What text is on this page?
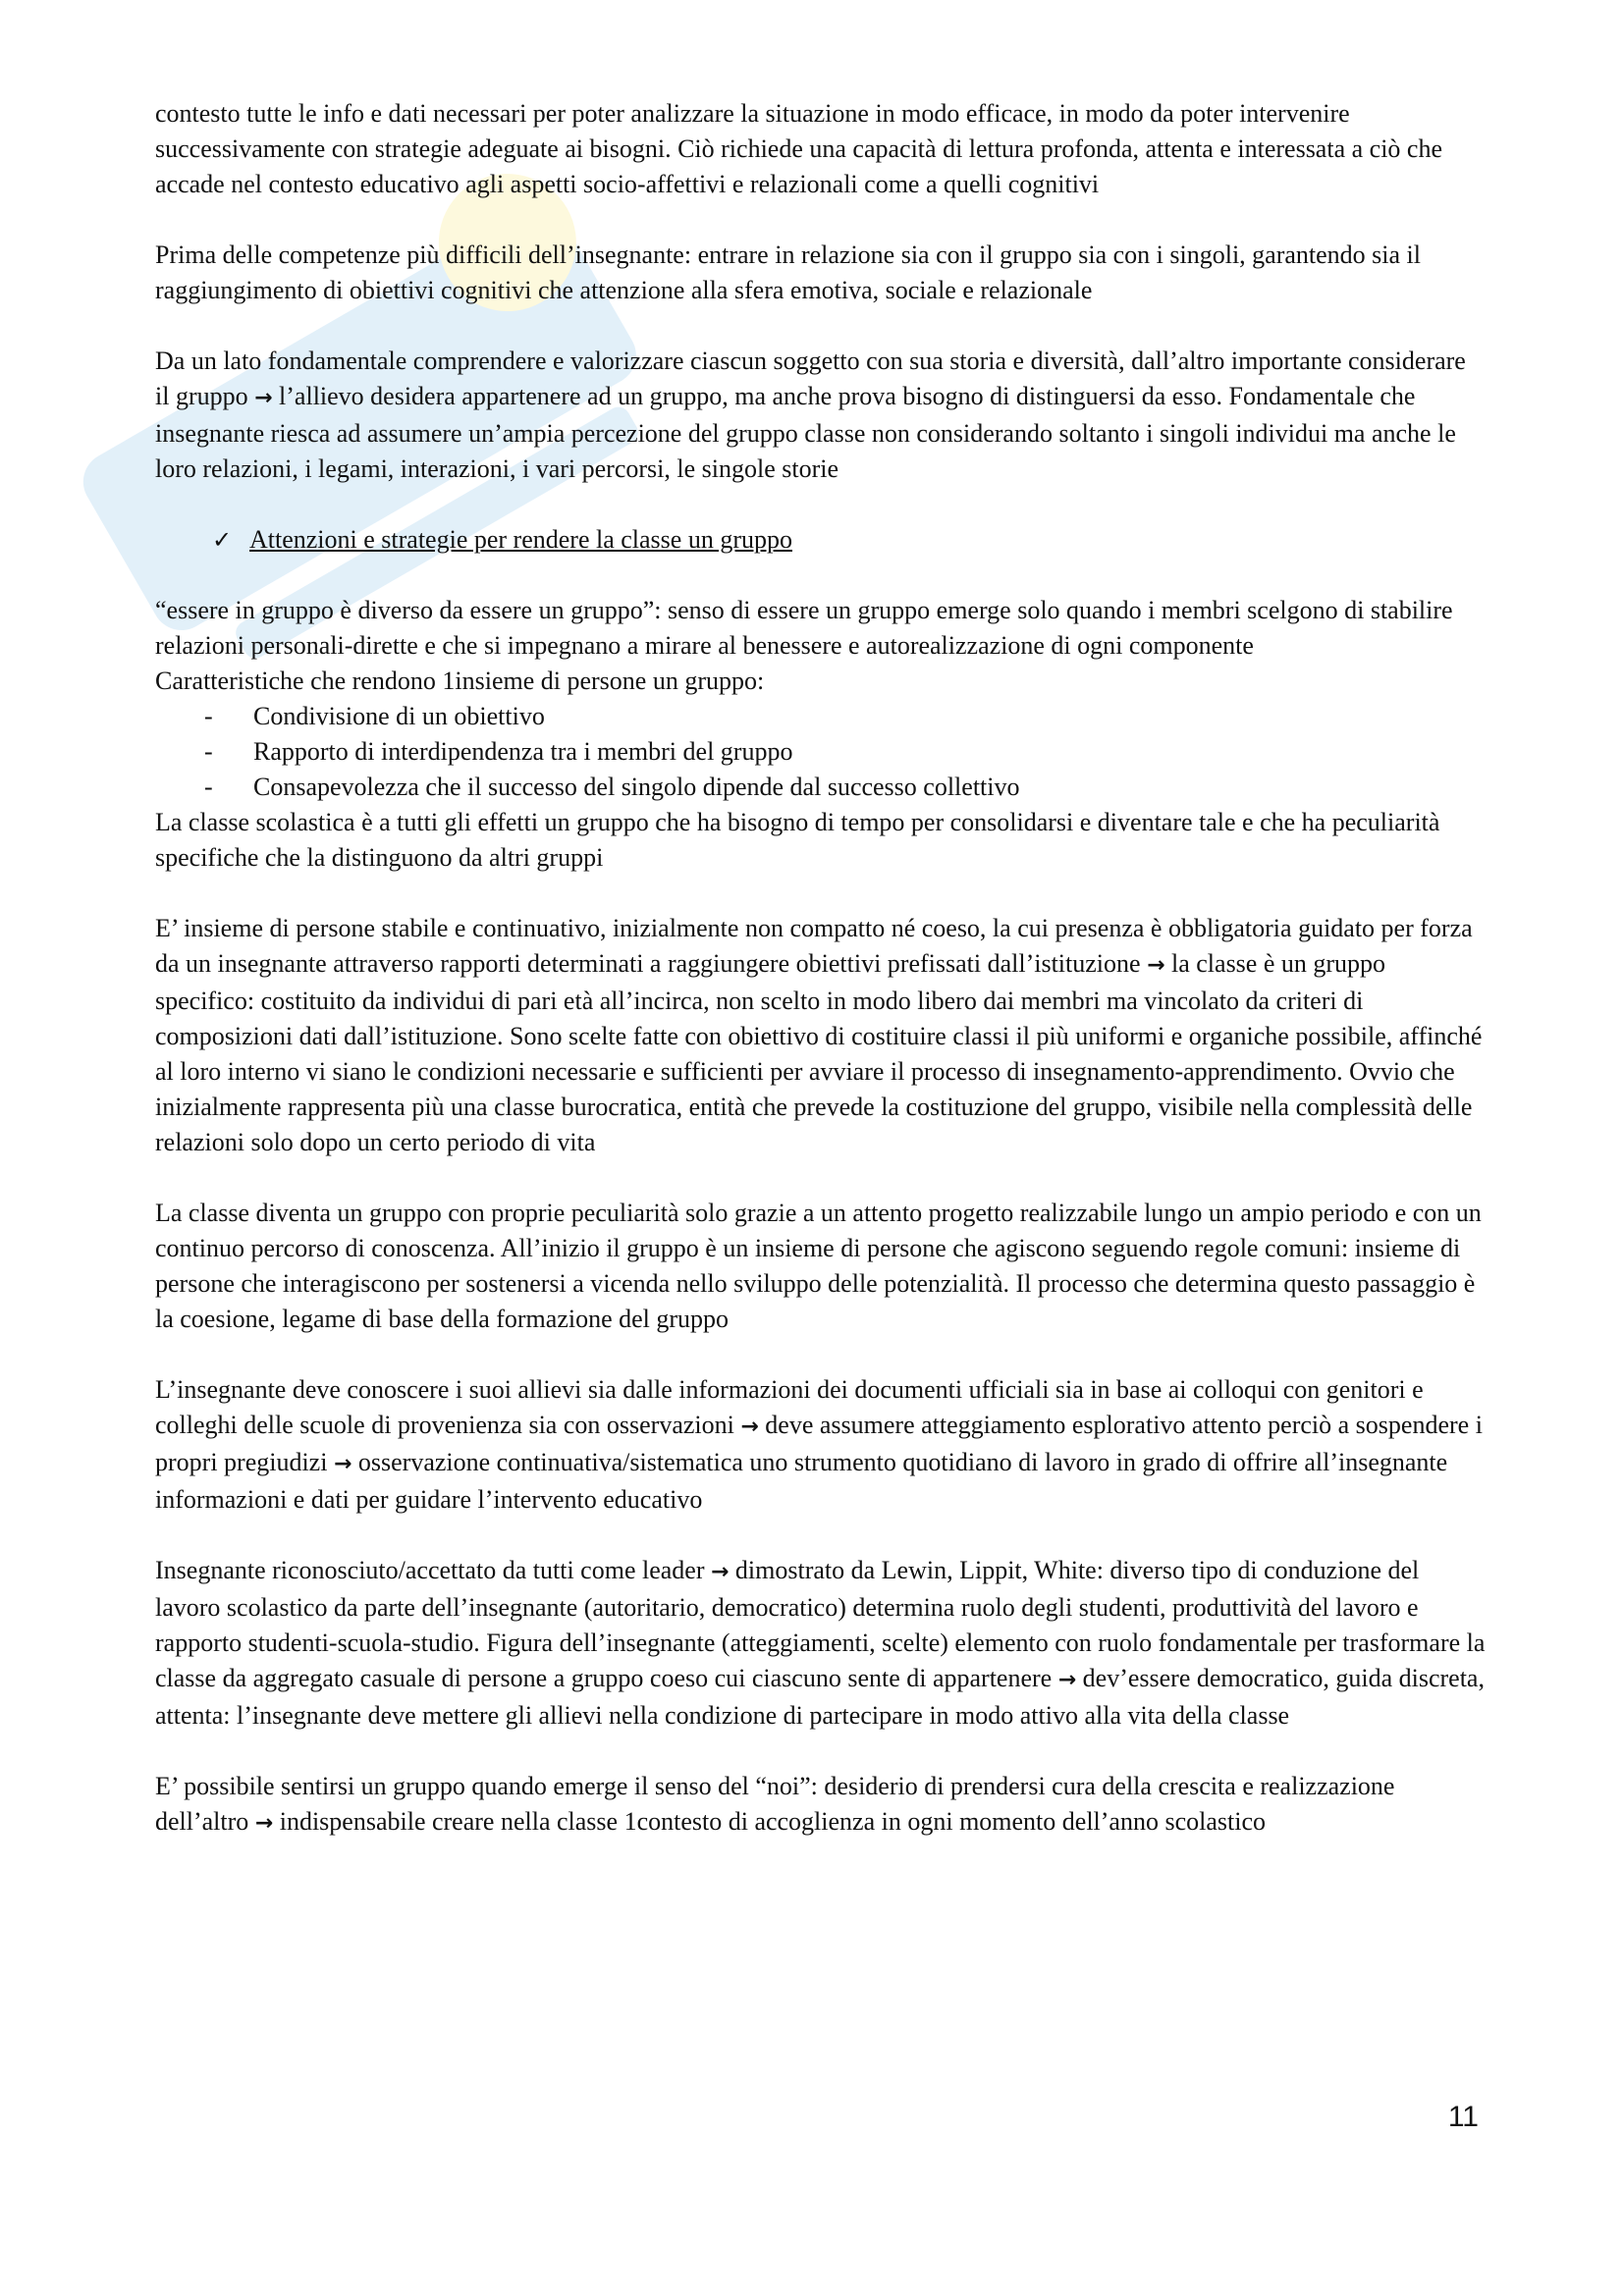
contesto tutte le info e dati necessari per poter analizzare la situazione in modo efficace, in modo da poter intervenire successivamente con strategie adeguate ai bisogni. Ciò richiede una capacità di lettura profonda, attenta e interessata a ciò che accade nel contesto educativo agli aspetti socio-affettivi e relazionali come a quelli cognitivi

Prima delle competenze più difficili dell’insegnante: entrare in relazione sia con il gruppo sia con i singoli, garantendo sia il raggiungimento di obiettivi cognitivi che attenzione alla sfera emotiva, sociale e relazionale

Da un lato fondamentale comprendere e valorizzare ciascun soggetto con sua storia e diversità, dall’altro importante considerare il gruppo → l’allievo desidera appartenere ad un gruppo, ma anche prova bisogno di distinguersi da esso. Fondamentale che insegnante riesca ad assumere un’ampia percezione del gruppo classe non considerando soltanto i singoli individui ma anche le loro relazioni, i legami, interazioni, i vari percorsi, le singole storie

✓ Attenzioni e strategie per rendere la classe un gruppo

“essere in gruppo è diverso da essere un gruppo”: senso di essere un gruppo emerge solo quando i membri scelgono di stabilire relazioni personali-dirette e che si impegnano a mirare al benessere e autorealizzazione di ogni componente

Caratteristiche che rendono 1insieme di persone un gruppo:

-	Condivisione di un obiettivo
-	Rapporto di interdipendenza tra i membri del gruppo
-	Consapevolezza che il successo del singolo dipende dal successo collettivo

La classe scolastica è a tutti gli effetti un gruppo che ha bisogno di tempo per consolidarsi e diventare tale e che ha peculiarità specifiche che la distinguono da altri gruppi

E’ insieme di persone stabile e continuativo, inizialmente non compatto né coeso, la cui presenza è obbligatoria guidato per forza da un insegnante attraverso rapporti determinati a raggiungere obiettivi prefissati dall’istituzione → la classe è un gruppo specifico: costituito da individui di pari età all’incirca, non scelto in modo libero dai membri ma vincolato da criteri di composizioni dati dall’istituzione. Sono scelte fatte con obiettivo di costituire classi il più uniformi e organiche possibile, affinché al loro interno vi siano le condizioni necessarie e sufficienti per avviare il processo di insegnamento-apprendimento. Ovvio che inizialmente rappresenta più una classe burocratica, entità che prevede la costituzione del gruppo, visibile nella complessità delle relazioni solo dopo un certo periodo di vita

La classe diventa un gruppo con proprie peculiarità solo grazie a un attento progetto realizzabile lungo un ampio periodo e con un continuo percorso di conoscenza. All’inizio il gruppo è un insieme di persone che agiscono seguendo regole comuni: insieme di persone che interagiscono per sostenersi a vicenda nello sviluppo delle potenzialità. Il processo che determina questo passaggio è la coesione, legame di base della formazione del gruppo

L’insegnante deve conoscere i suoi allievi sia dalle informazioni dei documenti ufficiali sia in base ai colloqui con genitori e colleghi delle scuole di provenienza sia con osservazioni → deve assumere atteggiamento esplorativo attento perciò a sospendere i propri pregiudizi → osservazione continuativa/sistematica uno strumento quotidiano di lavoro in grado di offrire all’insegnante informazioni e dati per guidare l’intervento educativo

Insegnante riconosciuto/accettato da tutti come leader → dimostrato da Lewin, Lippit, White: diverso tipo di conduzione del lavoro scolastico da parte dell’insegnante (autoritario, democratico) determina ruolo degli studenti, produttività del lavoro e rapporto studenti-scuola-studio. Figura dell’insegnante (atteggiamenti, scelte) elemento con ruolo fondamentale per trasformare la classe da aggregato casuale di persone a gruppo coeso cui ciascuno sente di appartenere → dev’essere democratico, guida discreta, attenta: l’insegnante deve mettere gli allievi nella condizione di partecipare in modo attivo alla vita della classe

E’ possibile sentirsi un gruppo quando emerge il senso del “noi”: desiderio di prendersi cura della crescita e realizzazione dell’altro → indispensabile creare nella classe 1contesto di accoglienza in ogni momento dell’anno scolastico

11
